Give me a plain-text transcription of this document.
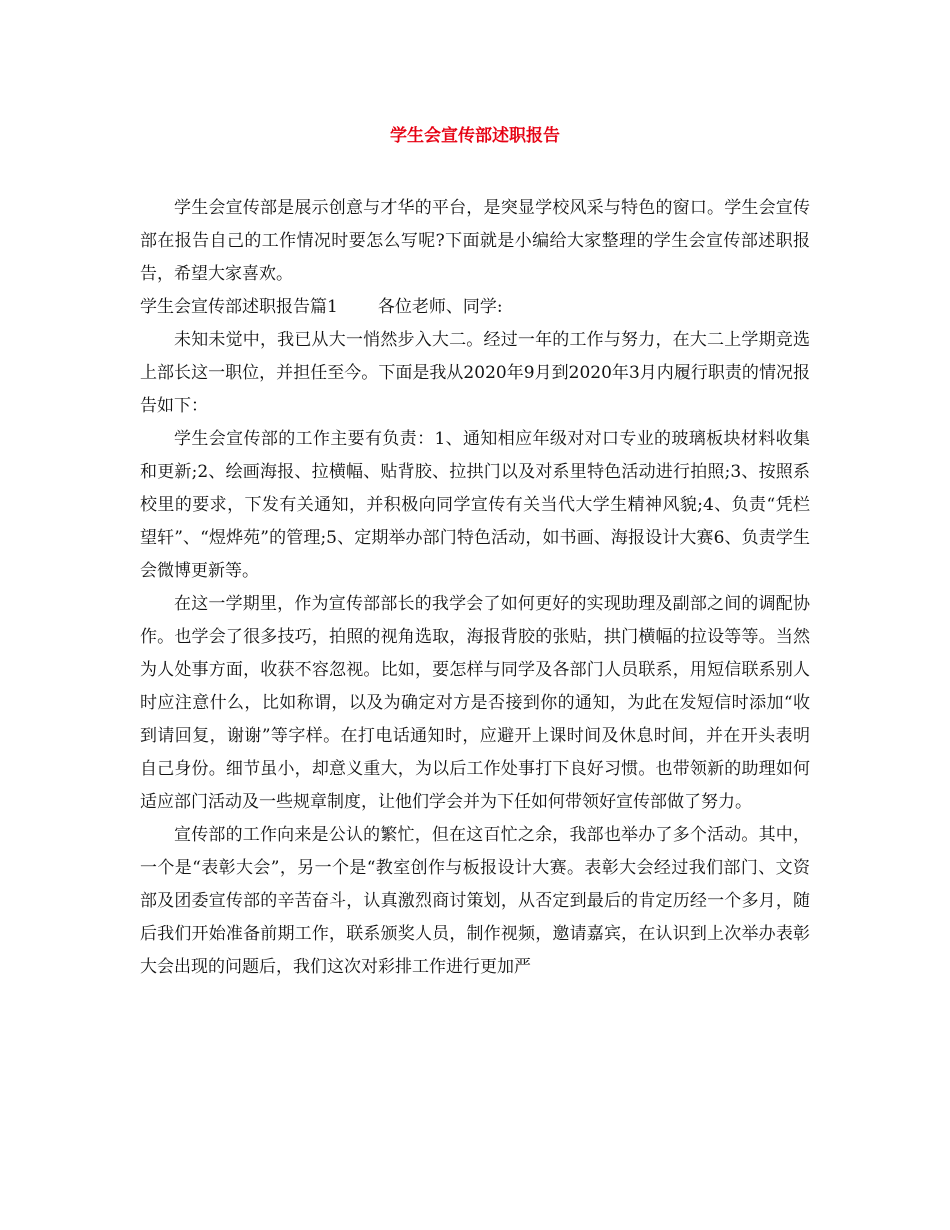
学生会宣传部述职报告

学生会宣传部是展示创意与才华的平台，是突显学校风采与特色的窗口。学生会宣传部在报告自己的工作情况时要怎么写呢?下面就是小编给大家整理的学生会宣传部述职报告，希望大家喜欢。

学生会宣传部述职报告篇1 各位老师、同学:

未知未觉中，我已从大一悄然步入大二。经过一年的工作与努力，在大二上学期竞选上部长这一职位，并担任至今。下面是我从2020年9月到2020年3月内履行职责的情况报告如下：

学生会宣传部的工作主要有负责：1、通知相应年级对对口专业的玻璃板块材料收集和更新;2、绘画海报、拉横幅、贴背胶、拉拱门以及对系里特色活动进行拍照;3、按照系校里的要求，下发有关通知，并积极向同学宣传有关当代大学生精神风貌;4、负责“凭栏望轩”、“煜烨苑”的管理;5、定期举办部门特色活动，如书画、海报设计大赛6、负责学生会微博更新等。

在这一学期里，作为宣传部部长的我学会了如何更好的实现助理及副部之间的调配协作。也学会了很多技巧，拍照的视角选取，海报背胶的张贴，拱门横幅的拉设等等。当然为人处事方面，收获不容忽视。比如，要怎样与同学及各部门人员联系，用短信联系别人时应注意什么，比如称谓，以及为确定对方是否接到你的通知，为此在发短信时添加“收到请回复，谢谢”等字样。在打电话通知时，应避开上课时间及休息时间，并在开头表明自己身份。细节虽小，却意义重大，为以后工作处事打下良好习惯。也带领新的助理如何适应部门活动及一些规章制度，让他们学会并为下任如何带领好宣传部做了努力。

宣传部的工作向来是公认的繁忙，但在这百忙之余，我部也举办了多个活动。其中，一个是“表彰大会”，另一个是“教室创作与板报设计大赛。表彰大会经过我们部门、文资部及团委宣传部的辛苦奋斗，认真激烈商讨策划，从否定到最后的肯定历经一个多月，随后我们开始准备前期工作，联系颁奖人员，制作视频，邀请嘉宾，在认识到上次举办表彰大会出现的问题后，我们这次对彩排工作进行更加严
